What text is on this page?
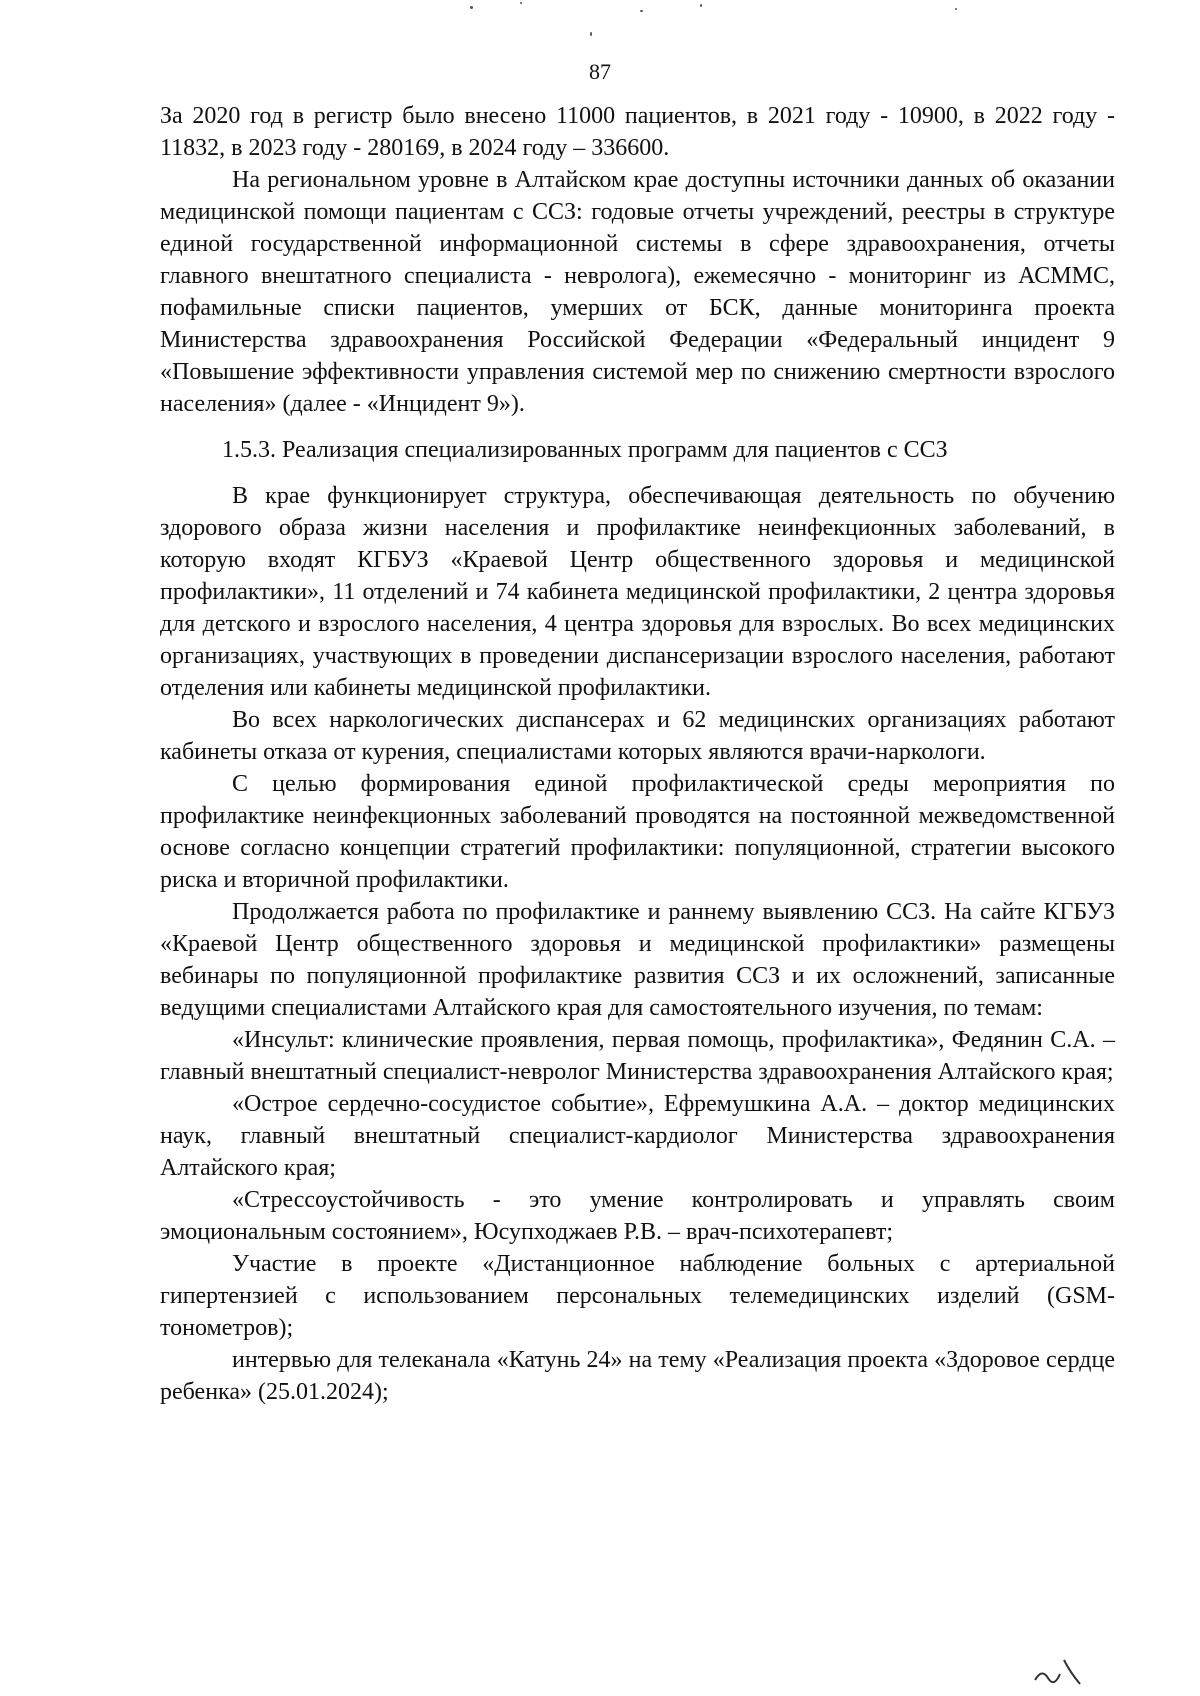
87

За 2020 год в регистр было внесено 11000 пациентов, в 2021 году - 10900, в 2022 году - 11832, в 2023 году - 280169, в 2024 году – 336600.

На региональном уровне в Алтайском крае доступны источники данных об оказании медицинской помощи пациентам с ССЗ: годовые отчеты учреждений, реестры в структуре единой государственной информационной системы в сфере здравоохранения, отчеты главного внештатного специалиста - невролога), ежемесячно - мониторинг из АСММС, пофамильные списки пациентов, умерших от БСК, данные мониторинга проекта Министерства здравоохранения Российской Федерации «Федеральный инцидент 9 «Повышение эффективности управления системой мер по снижению смертности взрослого населения» (далее - «Инцидент 9»).

1.5.3. Реализация специализированных программ для пациентов с ССЗ

В крае функционирует структура, обеспечивающая деятельность по обучению здорового образа жизни населения и профилактике неинфекционных заболеваний, в которую входят КГБУЗ «Краевой Центр общественного здоровья и медицинской профилактики», 11 отделений и 74 кабинета медицинской профилактики, 2 центра здоровья для детского и взрослого населения, 4 центра здоровья для взрослых. Во всех медицинских организациях, участвующих в проведении диспансеризации взрослого населения, работают отделения или кабинеты медицинской профилактики.

Во всех наркологических диспансерах и 62 медицинских организациях работают кабинеты отказа от курения, специалистами которых являются врачи-наркологи.

С целью формирования единой профилактической среды мероприятия по профилактике неинфекционных заболеваний проводятся на постоянной межведомственной основе согласно концепции стратегий профилактики: популяционной, стратегии высокого риска и вторичной профилактики.

Продолжается работа по профилактике и раннему выявлению ССЗ. На сайте КГБУЗ «Краевой Центр общественного здоровья и медицинской профилактики» размещены вебинары по популяционной профилактике развития ССЗ и их осложнений, записанные ведущими специалистами Алтайского края для самостоятельного изучения, по темам:

«Инсульт: клинические проявления, первая помощь, профилактика», Федянин С.А. – главный внештатный специалист-невролог Министерства здравоохранения Алтайского края;

«Острое сердечно-сосудистое событие», Ефремушкина А.А. – доктор медицинских наук, главный внештатный специалист-кардиолог Министерства здравоохранения Алтайского края;

«Стрессоустойчивость - это умение контролировать и управлять своим эмоциональным состоянием», Юсупходжаев Р.В. – врач-психотерапевт;

Участие в проекте «Дистанционное наблюдение больных с артериальной гипертензией с использованием персональных телемедицинских изделий (GSM-тонометров);

интервью для телеканала «Катунь 24» на тему «Реализация проекта «Здоровое сердце ребенка» (25.01.2024);
